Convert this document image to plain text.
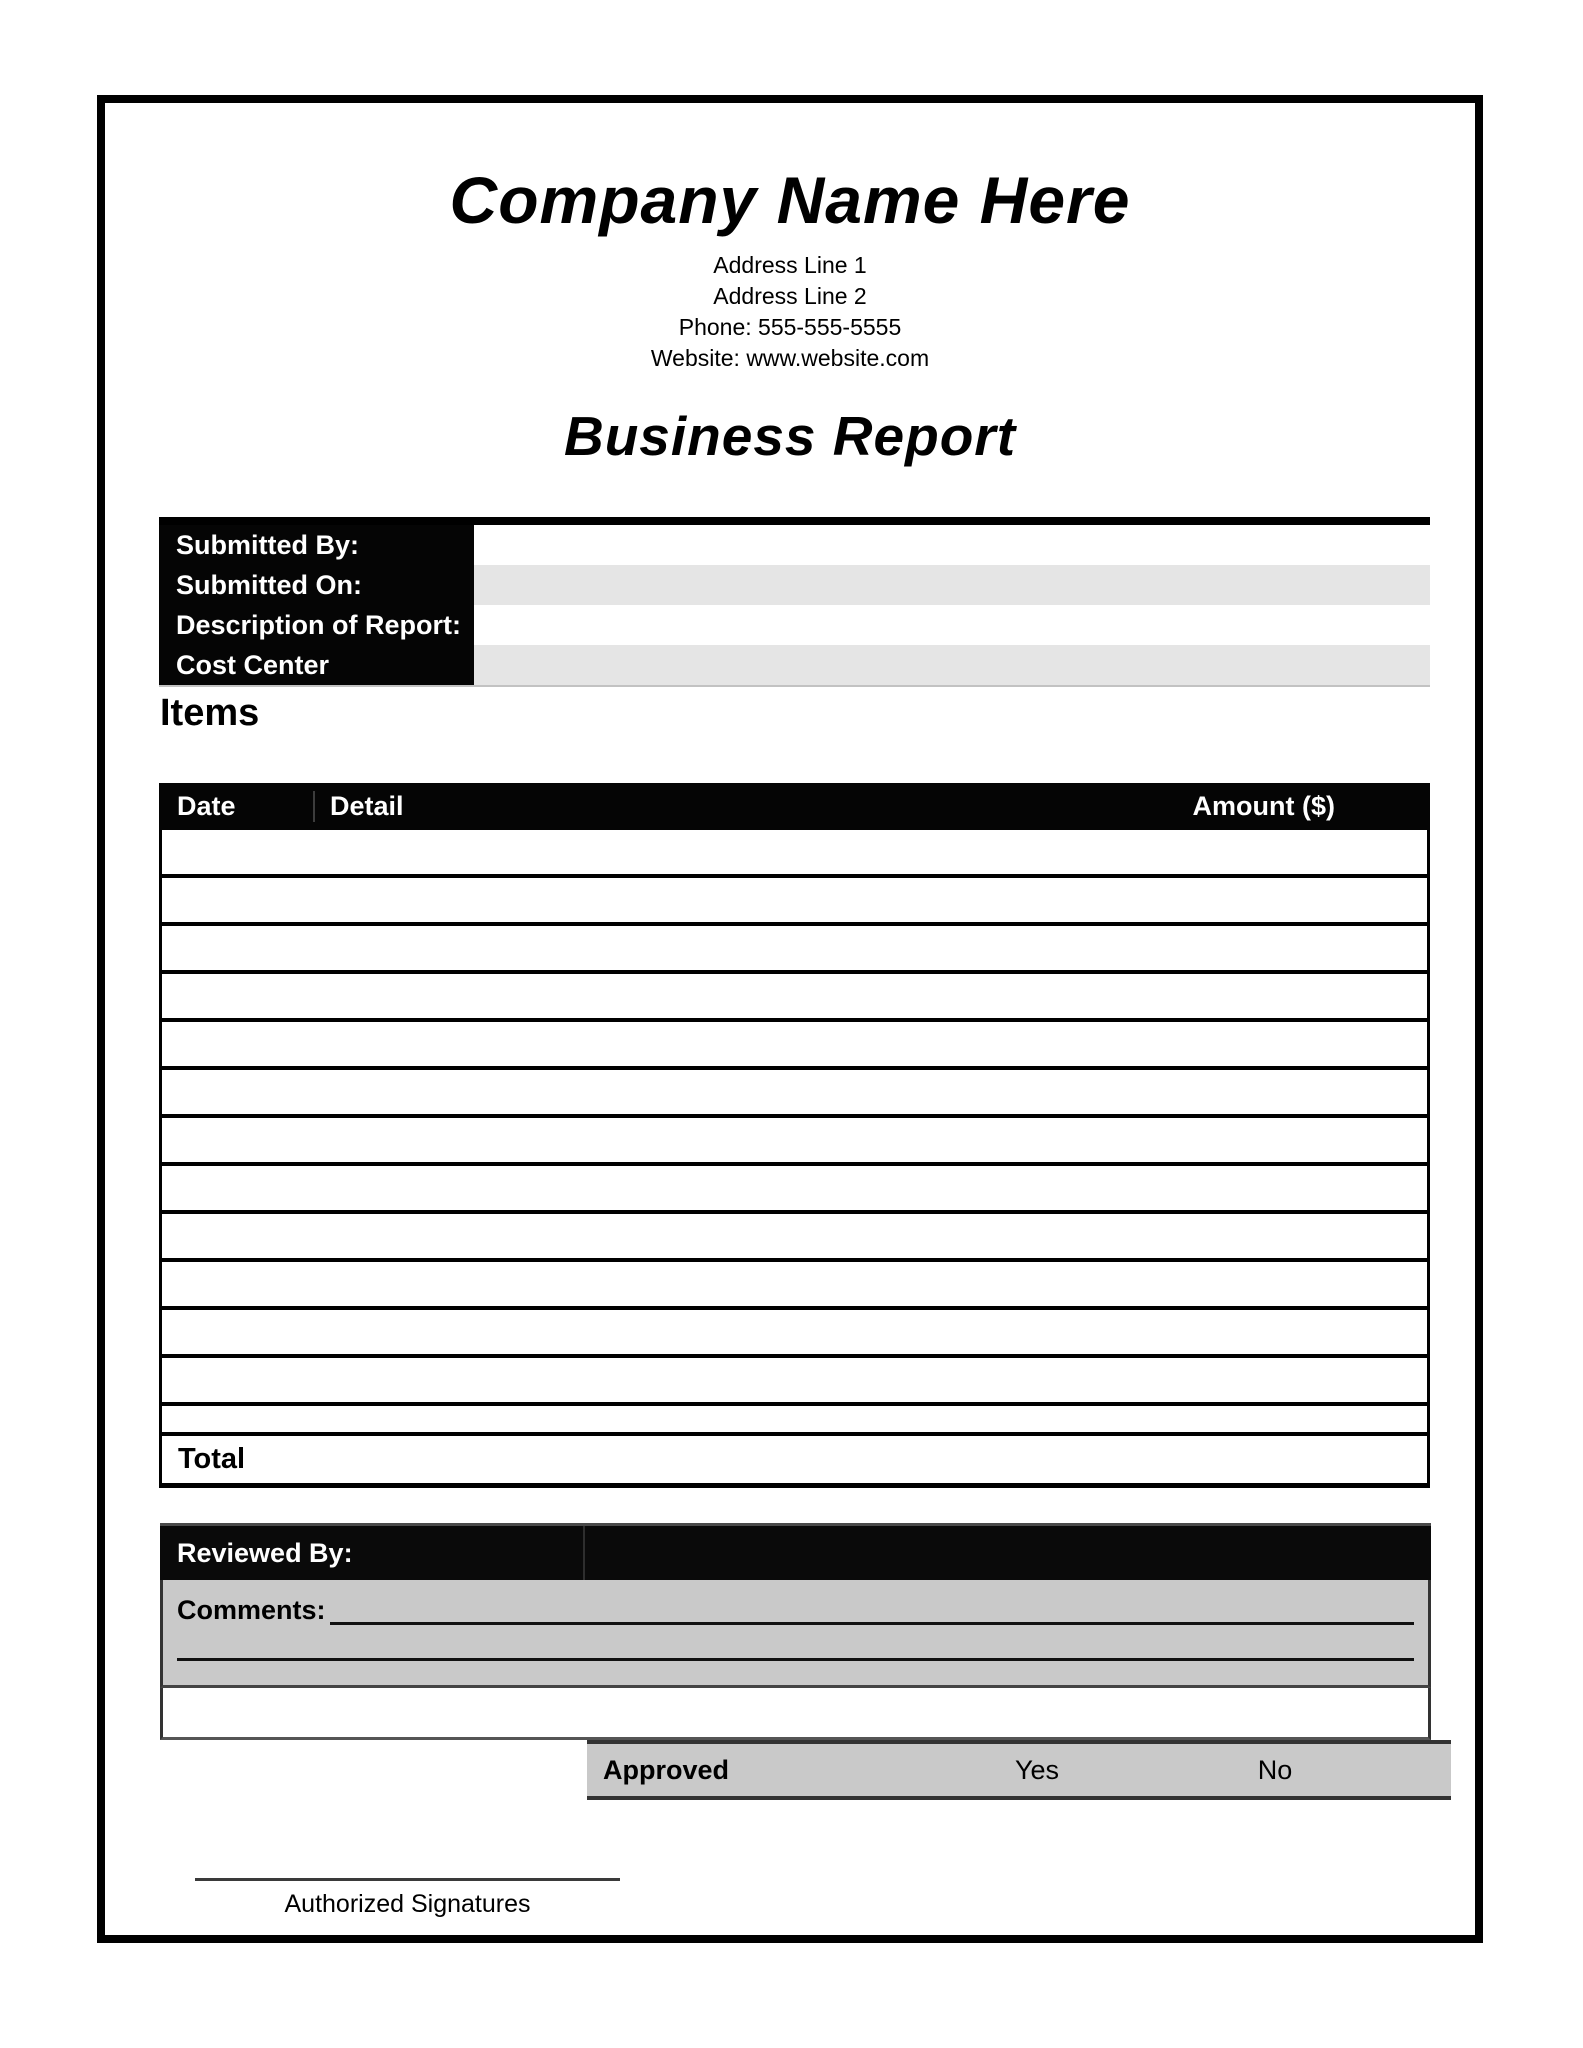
Company Name Here
Address Line 1
Address Line 2
Phone: 555-555-5555
Website: www.website.com
Business Report
Submitted By:
Submitted On:
Description of Report:
Cost Center
Items
Date	Detail	Amount ($)
Total
Reviewed By:
Comments:
Approved	Yes	No
Authorized Signatures
